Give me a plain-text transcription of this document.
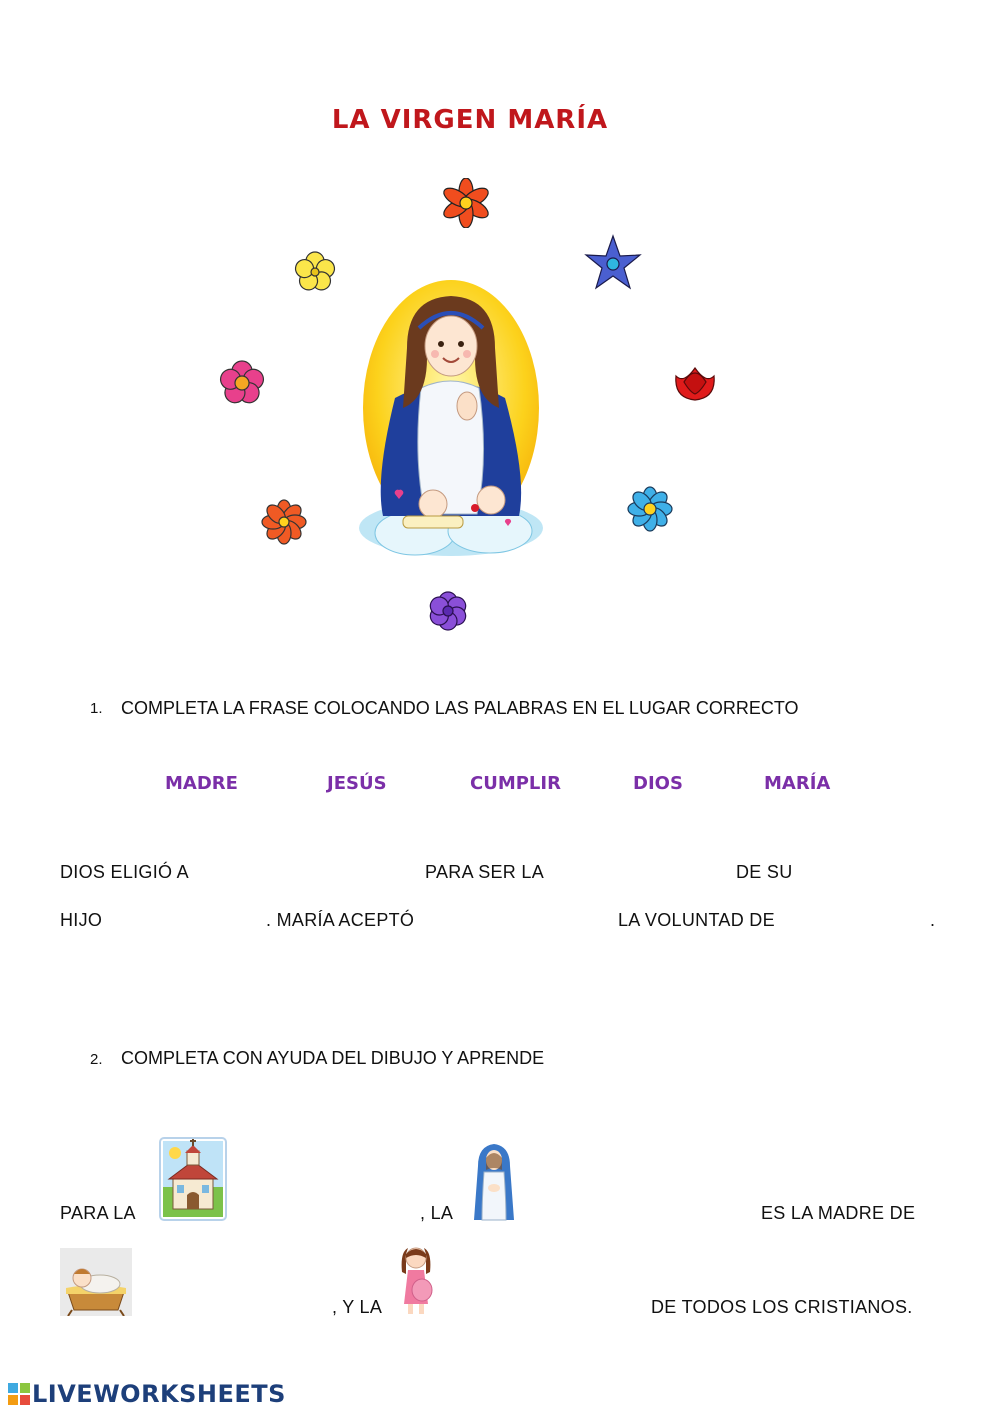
LA VIRGEN MARÍA
1. COMPLETA LA FRASE COLOCANDO LAS PALABRAS EN EL LUGAR CORRECTO
MADRE	JESÚS	CUMPLIR	DIOS	MARÍA
DIOS ELIGIÓ A	PARA SER LA	DE SU
HIJO	. MARÍA ACEPTÓ	LA VOLUNTAD DE	.
2. COMPLETA CON AYUDA DEL DIBUJO Y APRENDE
PARA LA	, LA	ES LA MADRE DE
, Y LA	DE TODOS LOS CRISTIANOS.
LIVEWORKSHEETS
